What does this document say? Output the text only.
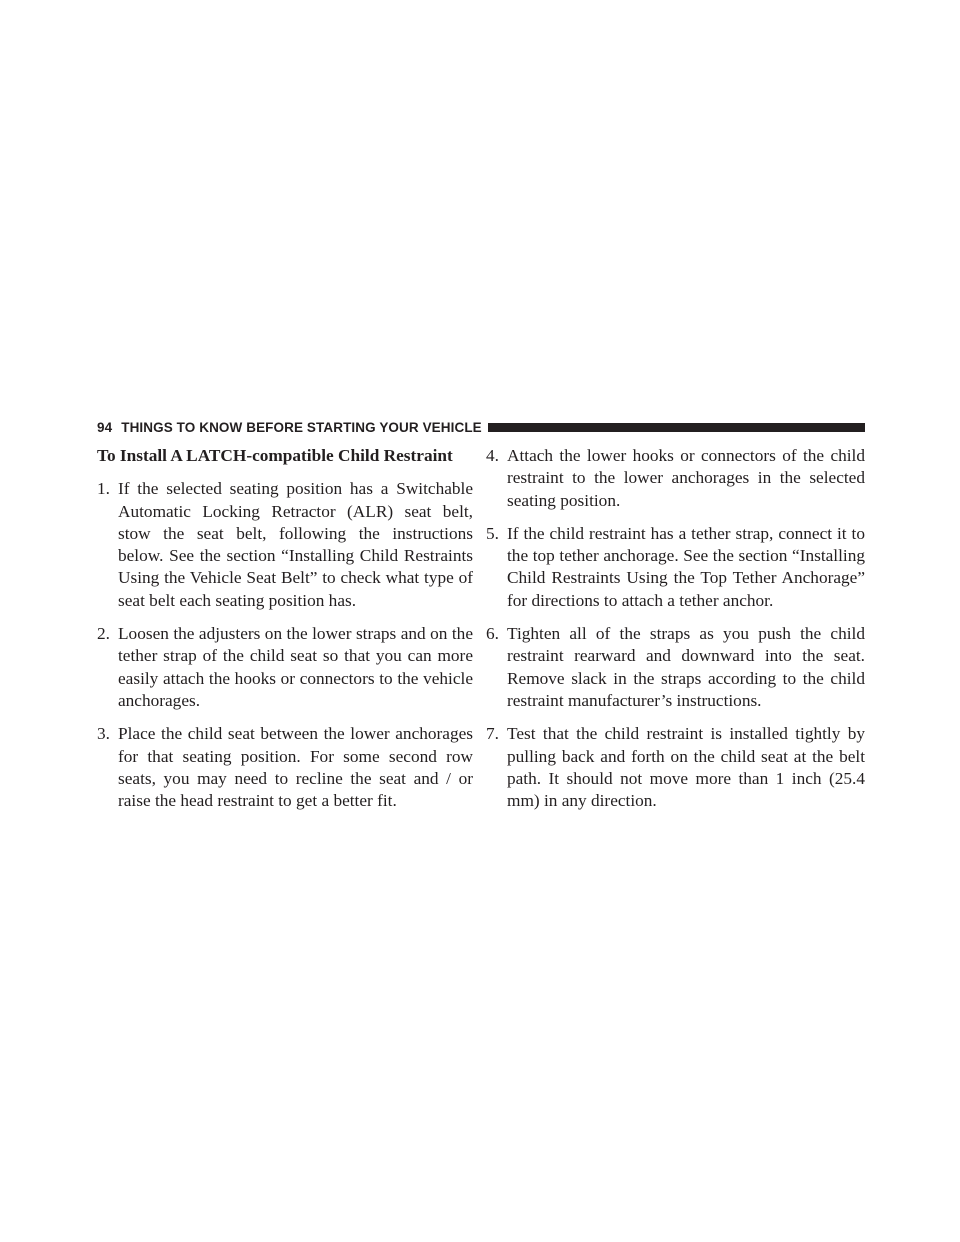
94 THINGS TO KNOW BEFORE STARTING YOUR VEHICLE
To Install A LATCH-compatible Child Restraint
1. If the selected seating position has a Switchable Automatic Locking Retractor (ALR) seat belt, stow the seat belt, following the instructions below. See the section “Installing Child Restraints Using the Vehicle Seat Belt” to check what type of seat belt each seating position has.
2. Loosen the adjusters on the lower straps and on the tether strap of the child seat so that you can more easily attach the hooks or connectors to the vehicle anchorages.
3. Place the child seat between the lower anchorages for that seating position. For some second row seats, you may need to recline the seat and / or raise the head restraint to get a better fit.
4. Attach the lower hooks or connectors of the child restraint to the lower anchorages in the selected seating position.
5. If the child restraint has a tether strap, connect it to the top tether anchorage. See the section “Installing Child Restraints Using the Top Tether Anchorage” for directions to attach a tether anchor.
6. Tighten all of the straps as you push the child restraint rearward and downward into the seat. Remove slack in the straps according to the child restraint manufacturer’s instructions.
7. Test that the child restraint is installed tightly by pulling back and forth on the child seat at the belt path. It should not move more than 1 inch (25.4 mm) in any direction.
